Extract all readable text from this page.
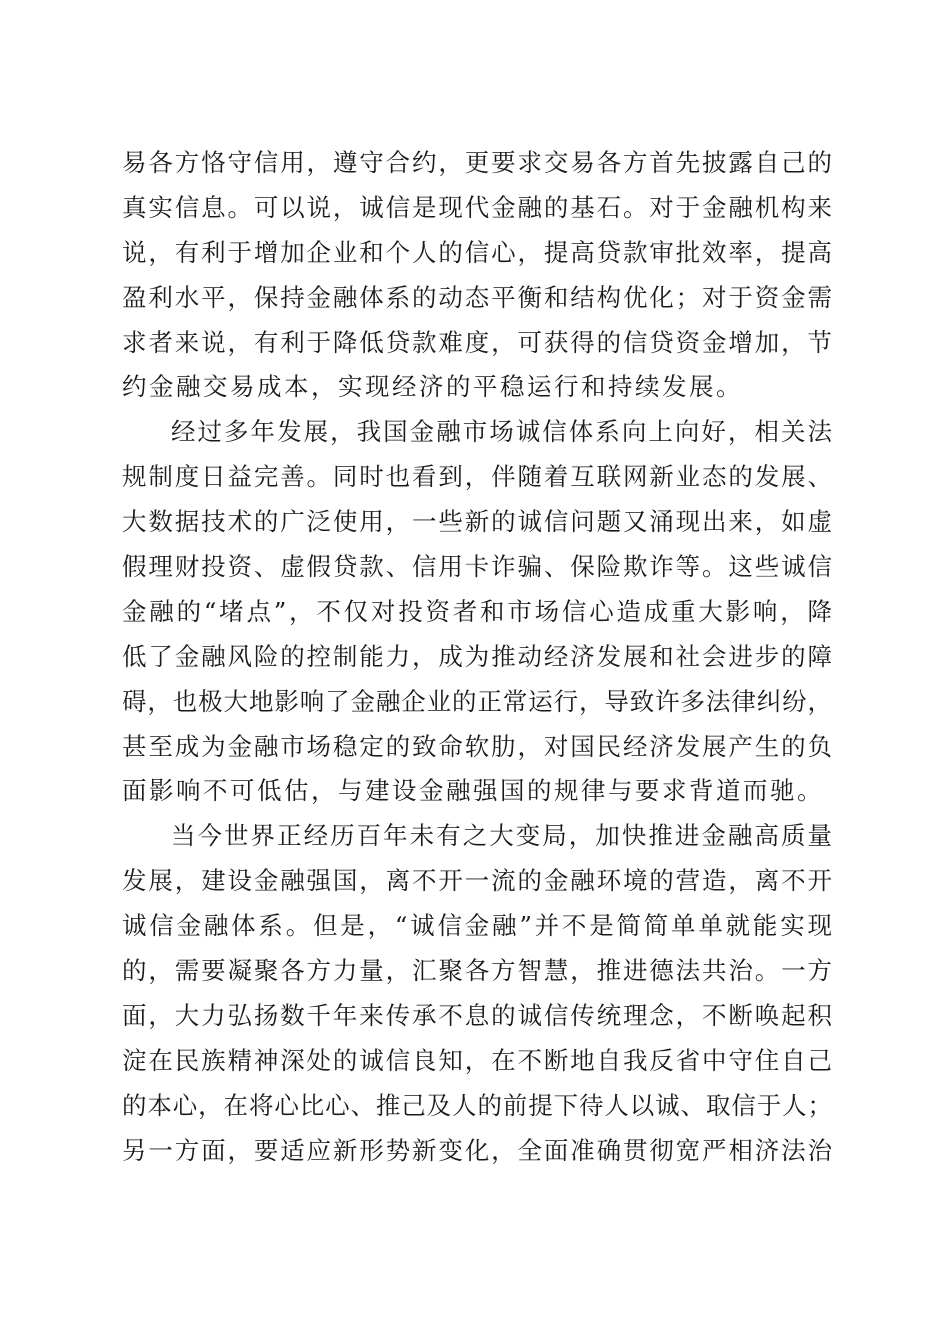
易各方恪守信用，遵守合约，更要求交易各方首先披露自己的
真实信息。可以说，诚信是现代金融的基石。对于金融机构来
说，有利于增加企业和个人的信心，提高贷款审批效率，提高
盈利水平，保持金融体系的动态平衡和结构优化；对于资金需
求者来说，有利于降低贷款难度，可获得的信贷资金增加，节
约金融交易成本，实现经济的平稳运行和持续发展。
经过多年发展，我国金融市场诚信体系向上向好，相关法
规制度日益完善。同时也看到，伴随着互联网新业态的发展、
大数据技术的广泛使用，一些新的诚信问题又涌现出来，如虚
假理财投资、虚假贷款、信用卡诈骗、保险欺诈等。这些诚信
金融的“堵点”，不仅对投资者和市场信心造成重大影响，降
低了金融风险的控制能力，成为推动经济发展和社会进步的障
碍，也极大地影响了金融企业的正常运行，导致许多法律纠纷，
甚至成为金融市场稳定的致命软肋，对国民经济发展产生的负
面影响不可低估，与建设金融强国的规律与要求背道而驰。
当今世界正经历百年未有之大变局，加快推进金融高质量
发展，建设金融强国，离不开一流的金融环境的营造，离不开
诚信金融体系。但是，“诚信金融”并不是简简单单就能实现
的，需要凝聚各方力量，汇聚各方智慧，推进德法共治。一方
面，大力弘扬数千年来传承不息的诚信传统理念，不断唤起积
淀在民族精神深处的诚信良知，在不断地自我反省中守住自己
的本心，在将心比心、推己及人的前提下待人以诚、取信于人；
另一方面，要适应新形势新变化，全面准确贯彻宽严相济法治
